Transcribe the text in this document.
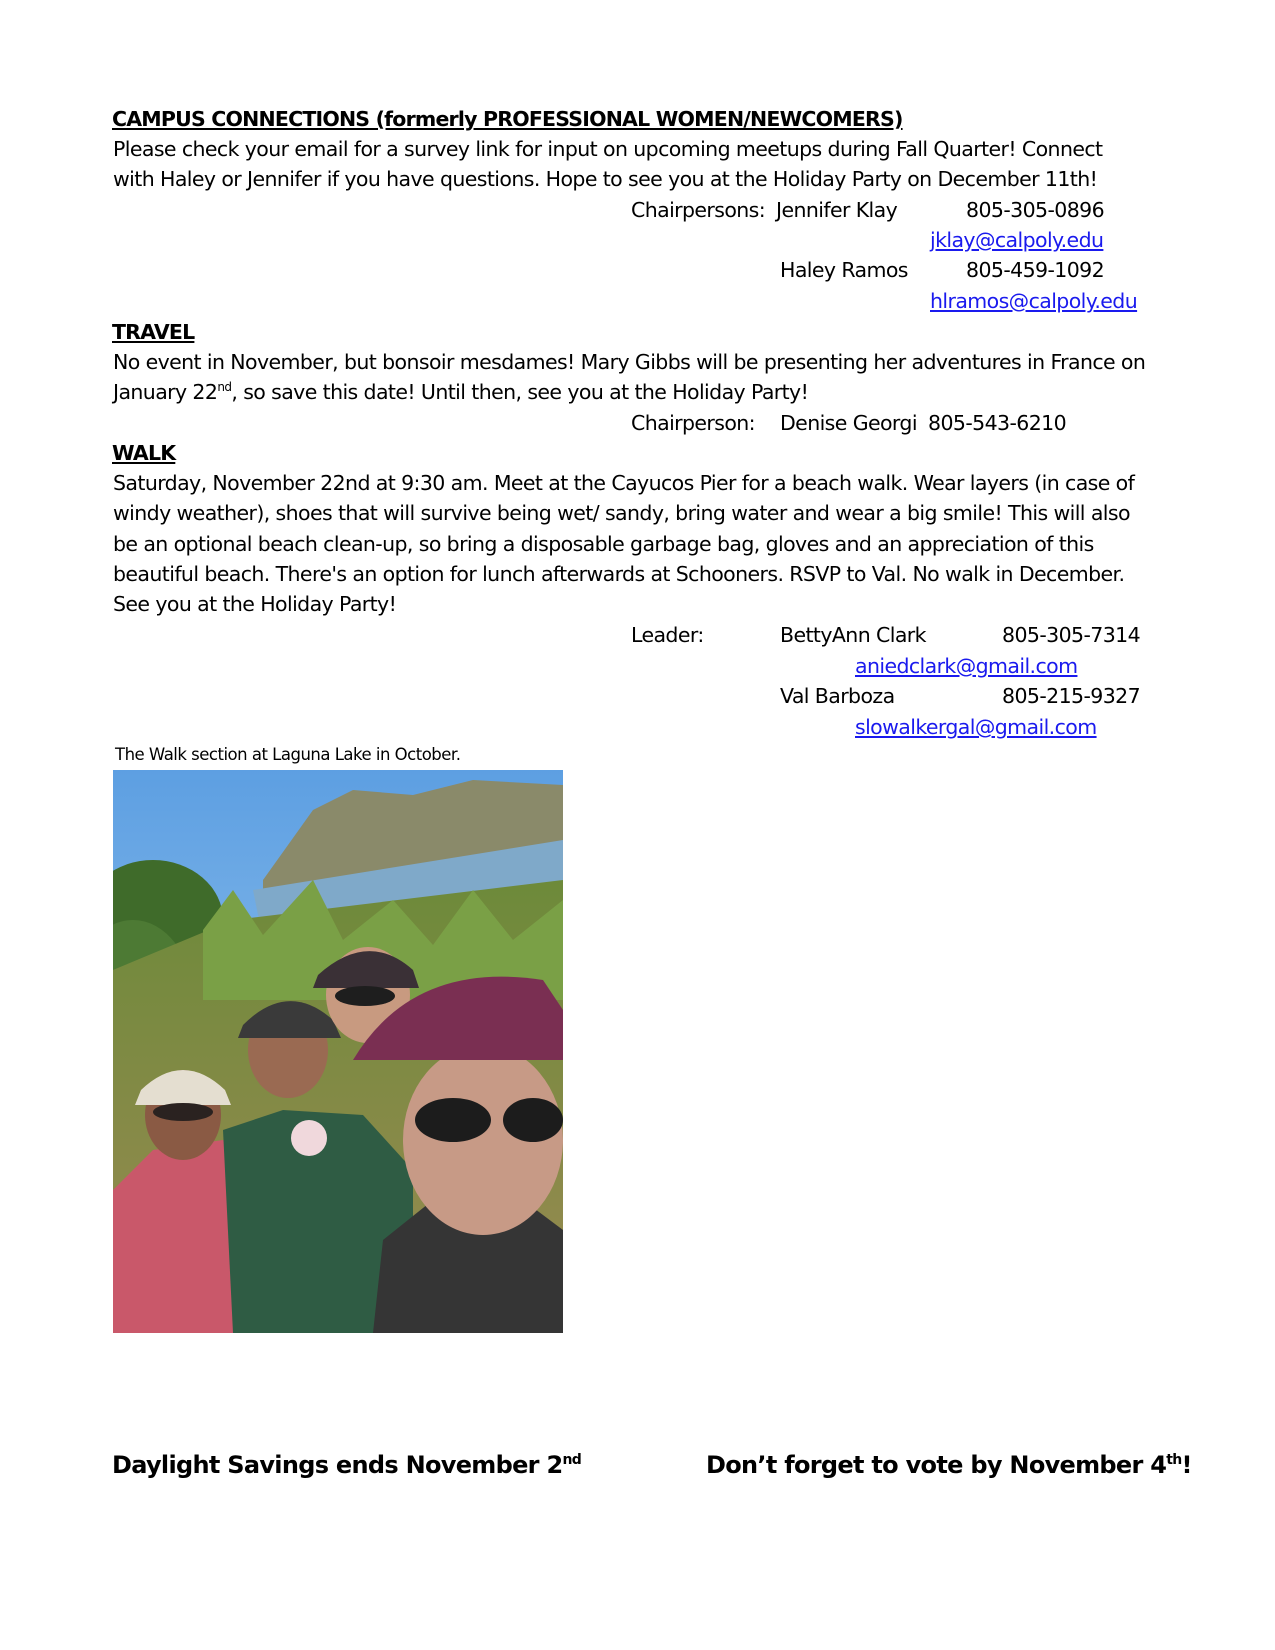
CAMPUS CONNECTIONS (formerly PROFESSIONAL WOMEN/NEWCOMERS)
Please check your email for a survey link for input on upcoming meetups during Fall Quarter! Connect
with Haley or Jennifer if you have questions. Hope to see you at the Holiday Party on December 11th!
Chairpersons: Jennifer Klay	805-305-0896
jklay@calpoly.edu
Haley Ramos	805-459-1092
hlramos@calpoly.edu
TRAVEL
No event in November, but bonsoir mesdames! Mary Gibbs will be presenting her adventures in France on
January 22nd, so save this date! Until then, see you at the Holiday Party!
Chairperson: Denise Georgi 805-543-6210
WALK
Saturday, November 22nd at 9:30 am. Meet at the Cayucos Pier for a beach walk. Wear layers (in case of
windy weather), shoes that will survive being wet/ sandy, bring water and wear a big smile! This will also
be an optional beach clean-up, so bring a disposable garbage bag, gloves and an appreciation of this
beautiful beach. There's an option for lunch afterwards at Schooners. RSVP to Val. No walk in December.
See you at the Holiday Party!
Leader:	BettyAnn Clark	805-305-7314
aniedclark@gmail.com
Val Barboza	805-215-9327
slowalkergal@gmail.com
The Walk section at Laguna Lake in October.
Daylight Savings ends November 2nd	Don’t forget to vote by November 4th!
